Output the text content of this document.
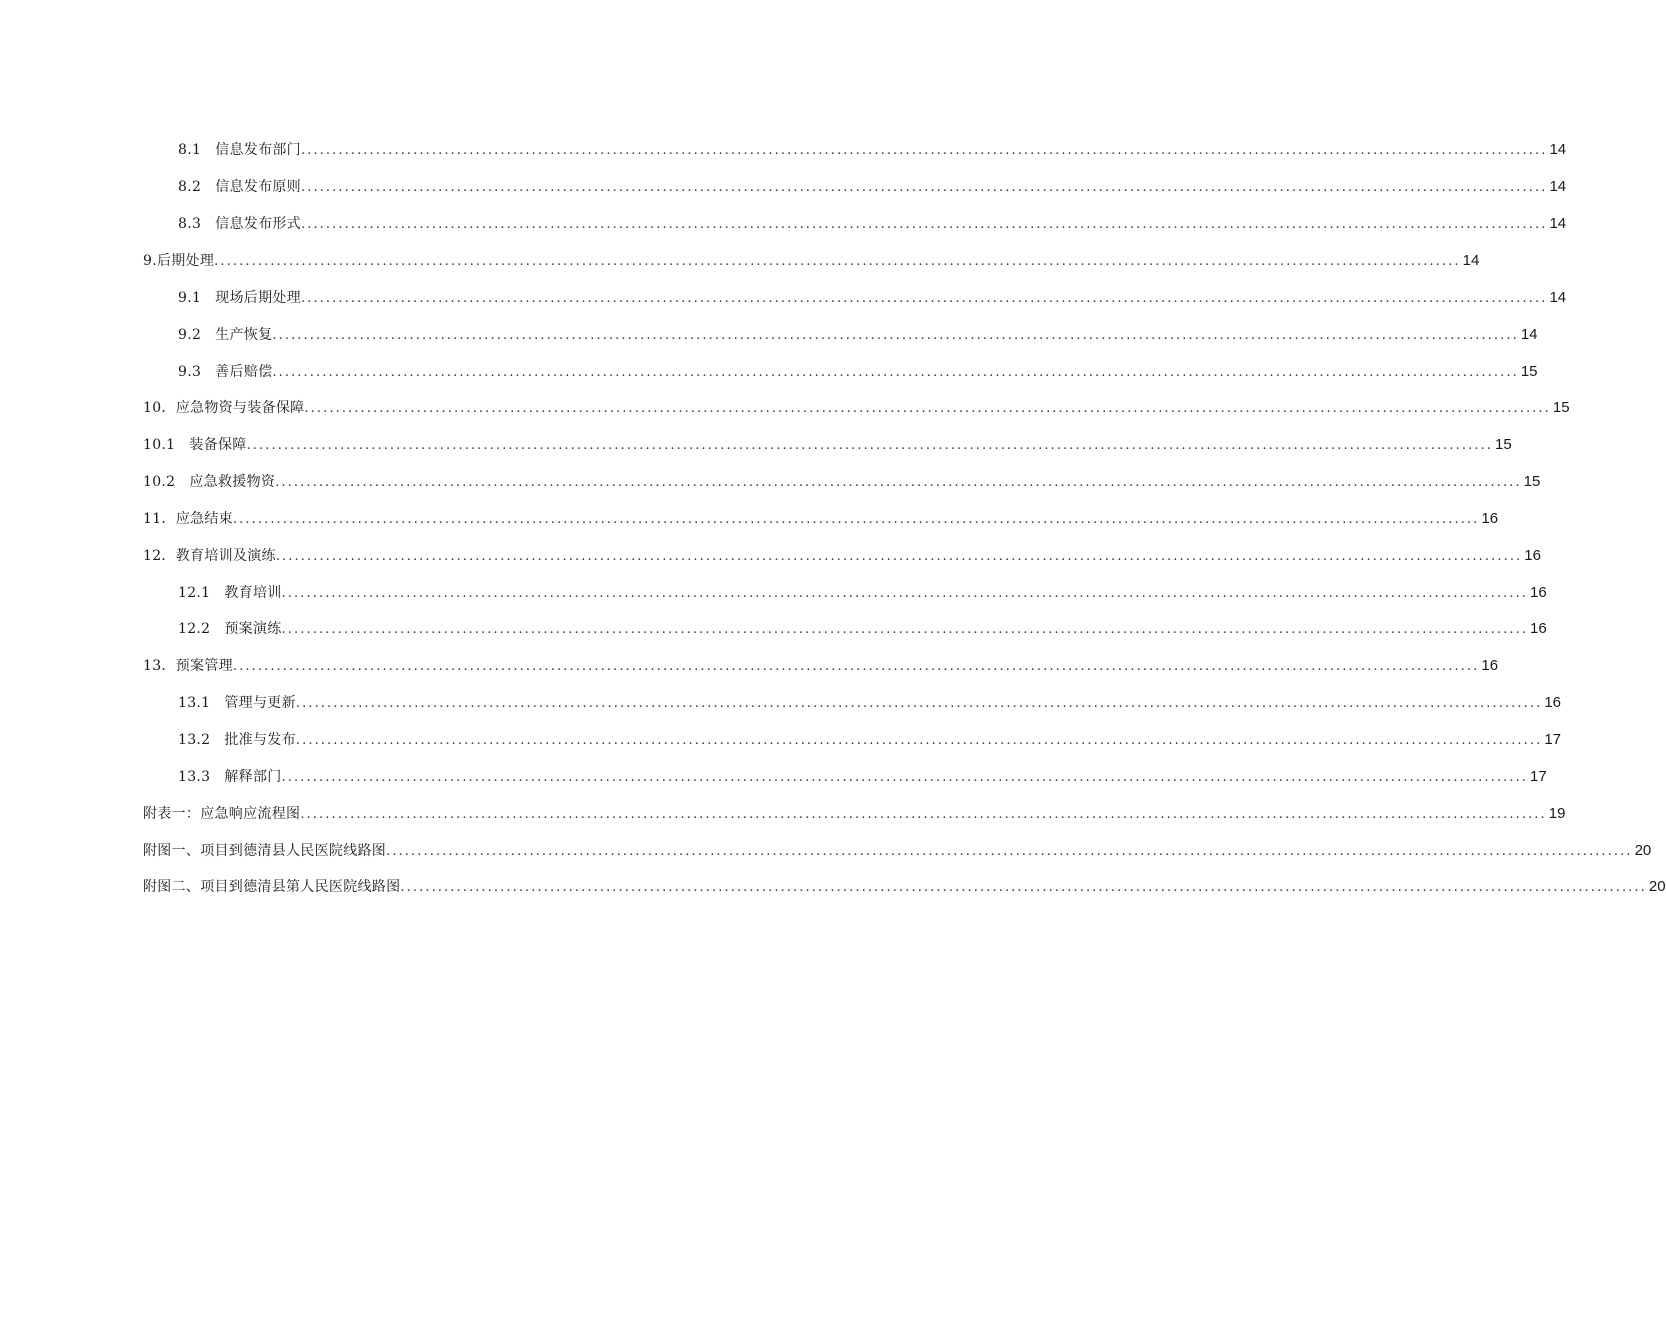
8.1 信息发布部门 ........................................................................................................................................................................................................ 14
8.2 信息发布原则 ........................................................................................................................................................................................................ 14
8.3 信息发布形式 ........................................................................................................................................................................................................ 14
9.后期处理 ........................................................................................................................................................................................................ 14
9.1 现场后期处理 ........................................................................................................................................................................................................ 14
9.2 生产恢复 ........................................................................................................................................................................................................ 14
9.3 善后赔偿 ........................................................................................................................................................................................................ 15
10．应急物资与装备保障 ........................................................................................................................................................................................................ 15
10.1 装备保障 ........................................................................................................................................................................................................ 15
10.2 应急救援物资 ........................................................................................................................................................................................................ 15
11．应急结束 ........................................................................................................................................................................................................ 16
12．教育培训及演练 ........................................................................................................................................................................................................ 16
12.1 教育培训 ........................................................................................................................................................................................................ 16
12.2 预案演练 ........................................................................................................................................................................................................ 16
13．预案管理 ........................................................................................................................................................................................................ 16
13.1 管理与更新 ........................................................................................................................................................................................................ 16
13.2 批准与发布 ........................................................................................................................................................................................................ 17
13.3 解释部门 ........................................................................................................................................................................................................ 17
附表一：应急响应流程图 ........................................................................................................................................................................................................ 19
附图一、项目到德清县人民医院线路图 ........................................................................................................................................................................................................ 20
附图二、项目到德清县第人民医院线路图 ........................................................................................................................................................................................................ 20
